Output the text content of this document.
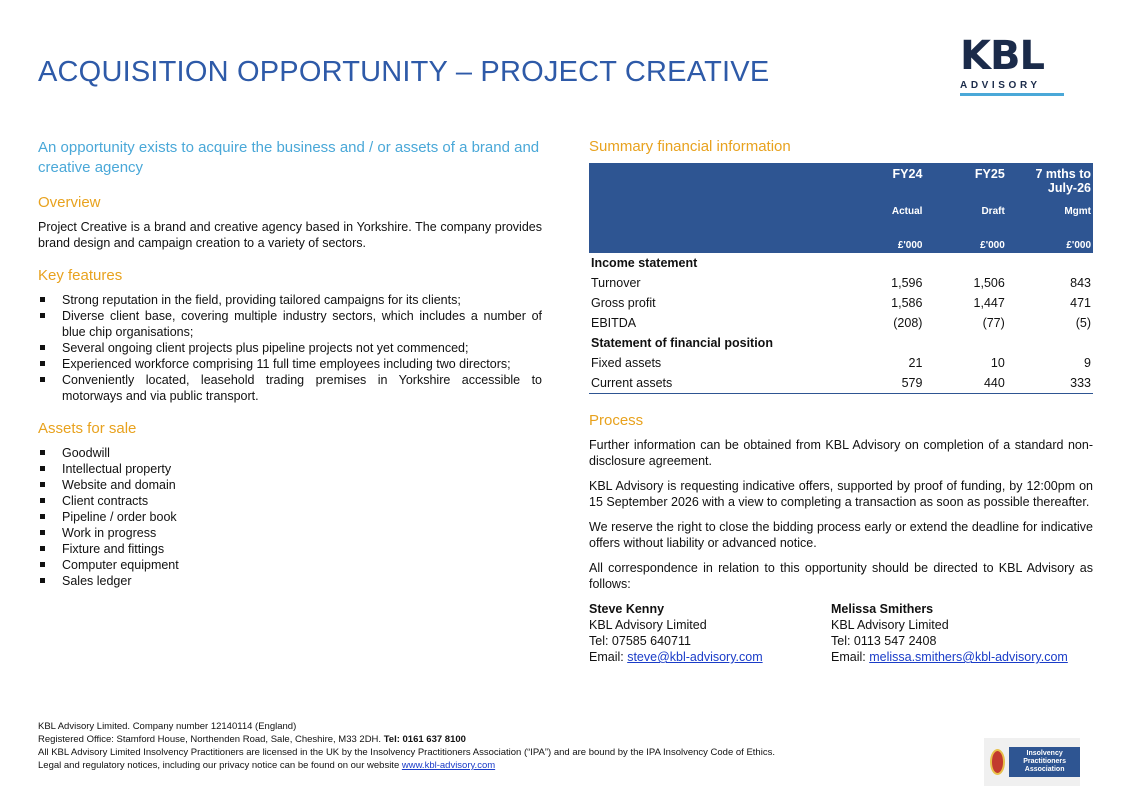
ACQUISITION OPPORTUNITY – PROJECT CREATIVE	KBL
ADVISORY
An opportunity exists to acquire the business and / or assets of a brand and creative agency
Overview

Project Creative is a brand and creative agency based in Yorkshire. The company provides brand design and campaign creation to a variety of sectors.

Key features
Strong reputation in the field, providing tailored campaigns for its clients;
Diverse client base, covering multiple industry sectors, which includes a number of blue chip organisations;
Several ongoing client projects plus pipeline projects not yet commenced;
Experienced workforce comprising 11 full time employees including two directors;
Conveniently located, leasehold trading premises in Yorkshire accessible to motorways and via public transport.
Assets for sale
Goodwill
Intellectual property
Website and domain
Client contracts
Pipeline / order book
Work in progress
Fixture and fittings
Computer equipment
Sales ledger
Summary financial information
	FY24	FY25	7 mths to July-26
	Actual	Draft	Mgmt
	£'000	£'000	£'000
Income statement			
Turnover	1,596	1,506	843
Gross profit	1,586	1,447	471
EBITDA	(208)	(77)	(5)
Statement of financial position			
Fixed assets	21	10	9
Current assets	579	440	333
Process

Further information can be obtained from KBL Advisory on completion of a standard non-disclosure agreement.

KBL Advisory is requesting indicative offers, supported by proof of funding, by 12:00pm on 15 September 2026 with a view to completing a transaction as soon as possible thereafter.

We reserve the right to close the bidding process early or extend the deadline for indicative offers without liability or advanced notice.

All correspondence in relation to this opportunity should be directed to KBL Advisory as follows:

Steve Kenny
KBL Advisory Limited
Tel: 07585 640711
Email: steve@kbl-advisory.com
Melissa Smithers
KBL Advisory Limited
Tel: 0113 547 2408
Email: melissa.smithers@kbl-advisory.com
KBL Advisory Limited. Company number 12140114 (England)
Registered Office: Stamford House, Northenden Road, Sale, Cheshire, M33 2DH. Tel: 0161 637 8100
All KBL Advisory Limited Insolvency Practitioners are licensed in the UK by the Insolvency Practitioners Association (“IPA”) and are bound by the IPA Insolvency Code of Ethics.
Legal and regulatory notices, including our privacy notice can be found on our website www.kbl-advisory.com
Insolvency Practitioners Association
